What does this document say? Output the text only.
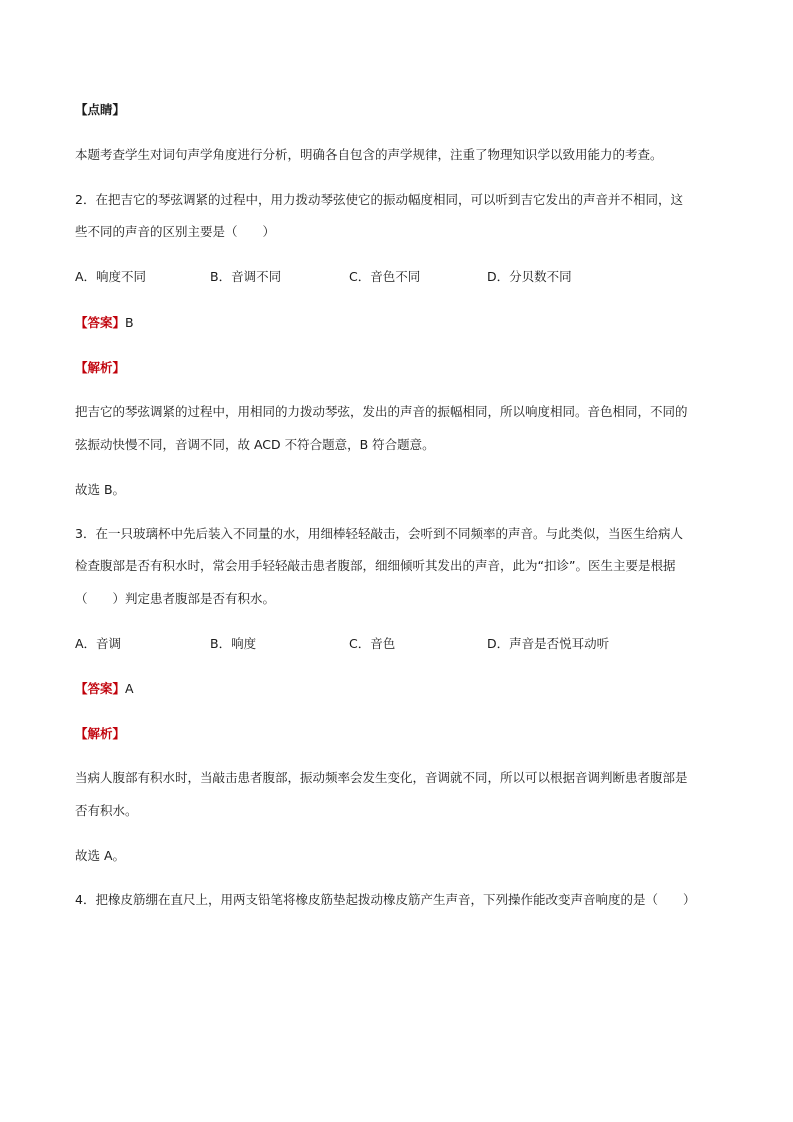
【点睛】
本题考查学生对词句声学角度进行分析，明确各自包含的声学规律，注重了物理知识学以致用能力的考查。
2．在把吉它的琴弦调紧的过程中，用力拨动琴弦使它的振动幅度相同，可以听到吉它发出的声音并不相同，这
些不同的声音的区别主要是（　　）
A．响度不同	B．音调不同	C．音色不同	D．分贝数不同
【答案】B
【解析】
把吉它的琴弦调紧的过程中，用相同的力拨动琴弦，发出的声音的振幅相同，所以响度相同。音色相同，不同的
弦振动快慢不同，音调不同，故 ACD 不符合题意，B 符合题意。
故选 B。
3．在一只玻璃杯中先后装入不同量的水，用细棒轻轻敲击，会听到不同频率的声音。与此类似，当医生给病人
检查腹部是否有积水时，常会用手轻轻敲击患者腹部，细细倾听其发出的声音，此为“扣诊”。医生主要是根据
（　　）判定患者腹部是否有积水。
A．音调	B．响度	C．音色	D．声音是否悦耳动听
【答案】A
【解析】
当病人腹部有积水时，当敲击患者腹部，振动频率会发生变化，音调就不同，所以可以根据音调判断患者腹部是
否有积水。
故选 A。
4．把橡皮筋绷在直尺上，用两支铅笔将橡皮筋垫起拨动橡皮筋产生声音，下列操作能改变声音响度的是（　　）
